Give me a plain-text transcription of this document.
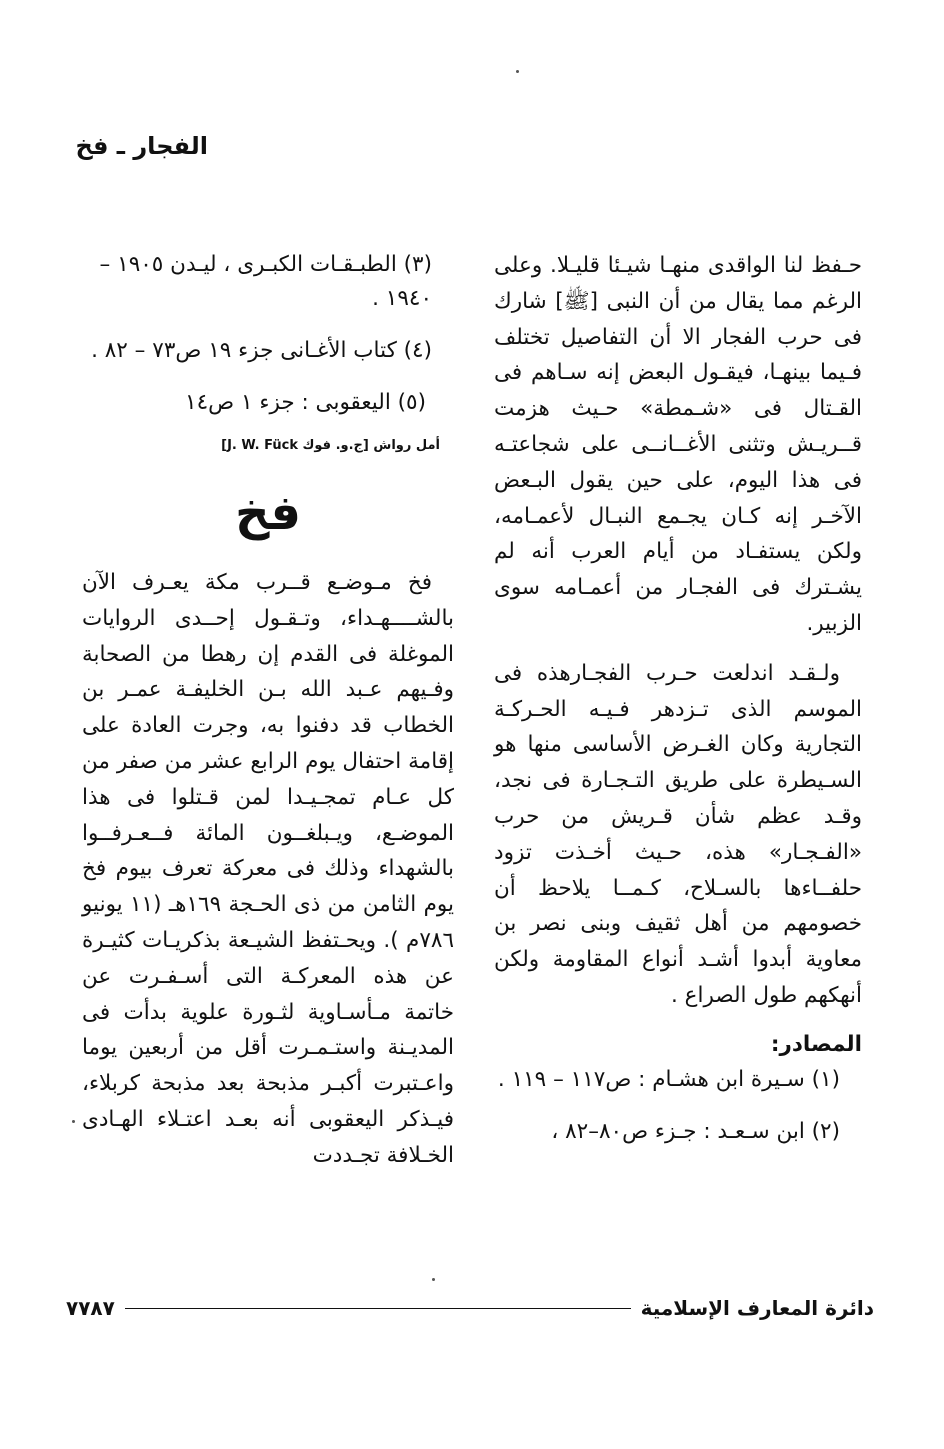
الفجار ـ فخ

حـفظ لنا الواقدى منهـا شيـئا قليـلا. وعلى الرغم مما يقال من أن النبى [ﷺ] شارك فى حرب الفجار الا أن التفاصيل تختلف فـيما بينهـا، فيقـول البعض إنه سـاهم فى القـتال فى «شـمطة» حـيث هزمت قــريـش وتثنى الأغــانــى على شجاعتـه فى هذا اليوم، على حين يقول البـعض الآخـر إنه كـان يجـمع النبـال لأعمـامه، ولكن يستفـاد من أيام العرب أنه لم يشـترك فى الفجـار من أعمـامه سوى الزبير.

ولـقـد اندلعت حـرب الفجـارهذه فى الموسم الذى تـزدهر فـيـه الحـركـة التجارية وكان الغـرض الأساسى منها هو السـيطرة على طريق التـجـارة فى نجد، وقـد عظم شأن قـريش من حرب «الفـجـار» هذه، حـيث أخـذت تزود حلفــاءها بالسـلاح، كـمــا يلاحظ أن خصومهم من أهل ثقيف وبنى نصر بن معاوية أبدوا أشـد أنواع المقاومة ولكن أنهكهم طول الصراع .

المصادر:

(١) سـيرة ابن هشـام : ص١١٧ – ١١٩ .

(٢) ابن سـعـد : جـزء ص٨٠–٨٢ ،

(٣) الطبـقـات الكبـرى ، ليـدن ١٩٠٥ – ١٩٤٠ .

(٤) كتاب الأغـانى جزء ١٩ ص٧٣ – ٨٢ .

(٥) اليعقوبى : جزء ١ ص١٤

أمل رواش [ج.و. فوك J. W. Fück]

فخ

فخ مـوضـع قــرب مكة يعـرف الآن بالشــــهـداء، وتـقـول إحــدى الروايات الموغلة فى القدم إن رهطا من الصحابة وفـيهم عـبد الله بـن الخليفـة عمـر بن الخطاب قد دفنوا به، وجرت العادة على إقامة احتفال يوم الرابع عشر من صفر من كل عـام تمجـيـدا لمن قـتلوا فى هذا الموضـع، ويـبلغــون المائة فــعـرفــوا بالشهداء وذلك فى معركة تعرف بيوم فخ يوم الثامن من ذى الحـجة ١٦٩هـ (١١ يونيو ٧٨٦م ). ويحـتفظ الشيـعة بذكريـات كثيـرة عن هذه المعركـة التى أسـفـرت عن خاتمة مـأسـاوية لثـورة علوية بدأت فى المديـنة واستـمـرت أقل من أربعين يوما واعـتبرت أكبـر مذبحة بعد مذبحة كربلاء، فيـذكر اليعقوبى أنه بعـد اعتـلاء الهـادى الخـلافة تجـددت

دائرة المعارف الإسلامية
٧٧٨٧
